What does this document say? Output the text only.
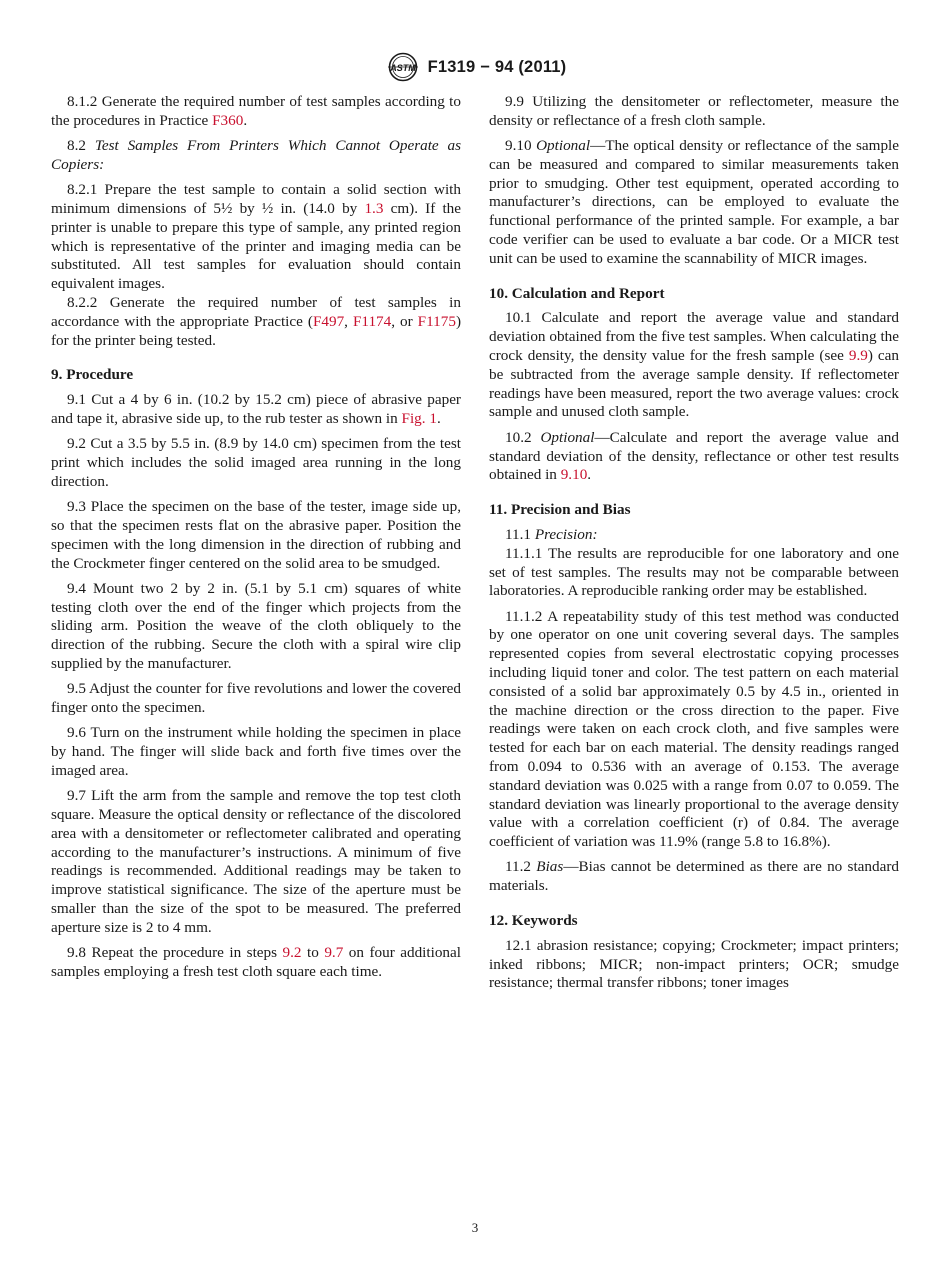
ASTM F1319 − 94 (2011)

8.1.2 Generate the required number of test samples according to the procedures in Practice F360.

8.2 Test Samples From Printers Which Cannot Operate as Copiers:

8.2.1 Prepare the test sample to contain a solid section with minimum dimensions of 5½ by ½ in. (14.0 by 1.3 cm). If the printer is unable to prepare this type of sample, any printed region which is representative of the printer and imaging media can be substituted. All test samples for evaluation should contain equivalent images.

8.2.2 Generate the required number of test samples in accordance with the appropriate Practice (F497, F1174, or F1175) for the printer being tested.

9. Procedure

9.1 Cut a 4 by 6 in. (10.2 by 15.2 cm) piece of abrasive paper and tape it, abrasive side up, to the rub tester as shown in Fig. 1.

9.2 Cut a 3.5 by 5.5 in. (8.9 by 14.0 cm) specimen from the test print which includes the solid imaged area running in the long direction.

9.3 Place the specimen on the base of the tester, image side up, so that the specimen rests flat on the abrasive paper. Position the specimen with the long dimension in the direction of rubbing and the Crockmeter finger centered on the solid area to be smudged.

9.4 Mount two 2 by 2 in. (5.1 by 5.1 cm) squares of white testing cloth over the end of the finger which projects from the sliding arm. Position the weave of the cloth obliquely to the direction of the rubbing. Secure the cloth with a spiral wire clip supplied by the manufacturer.

9.5 Adjust the counter for five revolutions and lower the covered finger onto the specimen.

9.6 Turn on the instrument while holding the specimen in place by hand. The finger will slide back and forth five times over the imaged area.

9.7 Lift the arm from the sample and remove the top test cloth square. Measure the optical density or reflectance of the discolored area with a densitometer or reflectometer calibrated and operating according to the manufacturer’s instructions. A minimum of five readings is recommended. Additional readings may be taken to improve statistical significance. The size of the aperture must be smaller than the size of the spot to be measured. The preferred aperture size is 2 to 4 mm.

9.8 Repeat the procedure in steps 9.2 to 9.7 on four additional samples employing a fresh test cloth square each time.

9.9 Utilizing the densitometer or reflectometer, measure the density or reflectance of a fresh cloth sample.

9.10 Optional—The optical density or reflectance of the sample can be measured and compared to similar measurements taken prior to smudging. Other test equipment, operated according to manufacturer’s directions, can be employed to evaluate the functional performance of the printed sample. For example, a bar code verifier can be used to evaluate a bar code. Or a MICR test unit can be used to examine the scannability of MICR images.

10. Calculation and Report

10.1 Calculate and report the average value and standard deviation obtained from the five test samples. When calculating the crock density, the density value for the fresh sample (see 9.9) can be subtracted from the average sample density. If reflectometer readings have been measured, report the two average values: crock sample and unused cloth sample.

10.2 Optional—Calculate and report the average value and standard deviation of the density, reflectance or other test results obtained in 9.10.

11. Precision and Bias

11.1 Precision:

11.1.1 The results are reproducible for one laboratory and one set of test samples. The results may not be comparable between laboratories. A reproducible ranking order may be established.

11.1.2 A repeatability study of this test method was conducted by one operator on one unit covering several days. The samples represented copies from several electrostatic copying processes including liquid toner and color. The test pattern on each material consisted of a solid bar approximately 0.5 by 4.5 in., oriented in the machine direction or the cross direction to the paper. Five readings were taken on each crock cloth, and five samples were tested for each bar on each material. The density readings ranged from 0.094 to 0.536 with an average of 0.153. The average standard deviation was 0.025 with a range from 0.07 to 0.059. The standard deviation was linearly proportional to the average density value with a correlation coefficient (r) of 0.84. The average coefficient of variation was 11.9% (range 5.8 to 16.8%).

11.2 Bias—Bias cannot be determined as there are no standard materials.

12. Keywords

12.1 abrasion resistance; copying; Crockmeter; impact printers; inked ribbons; MICR; non-impact printers; OCR; smudge resistance; thermal transfer ribbons; toner images

3
